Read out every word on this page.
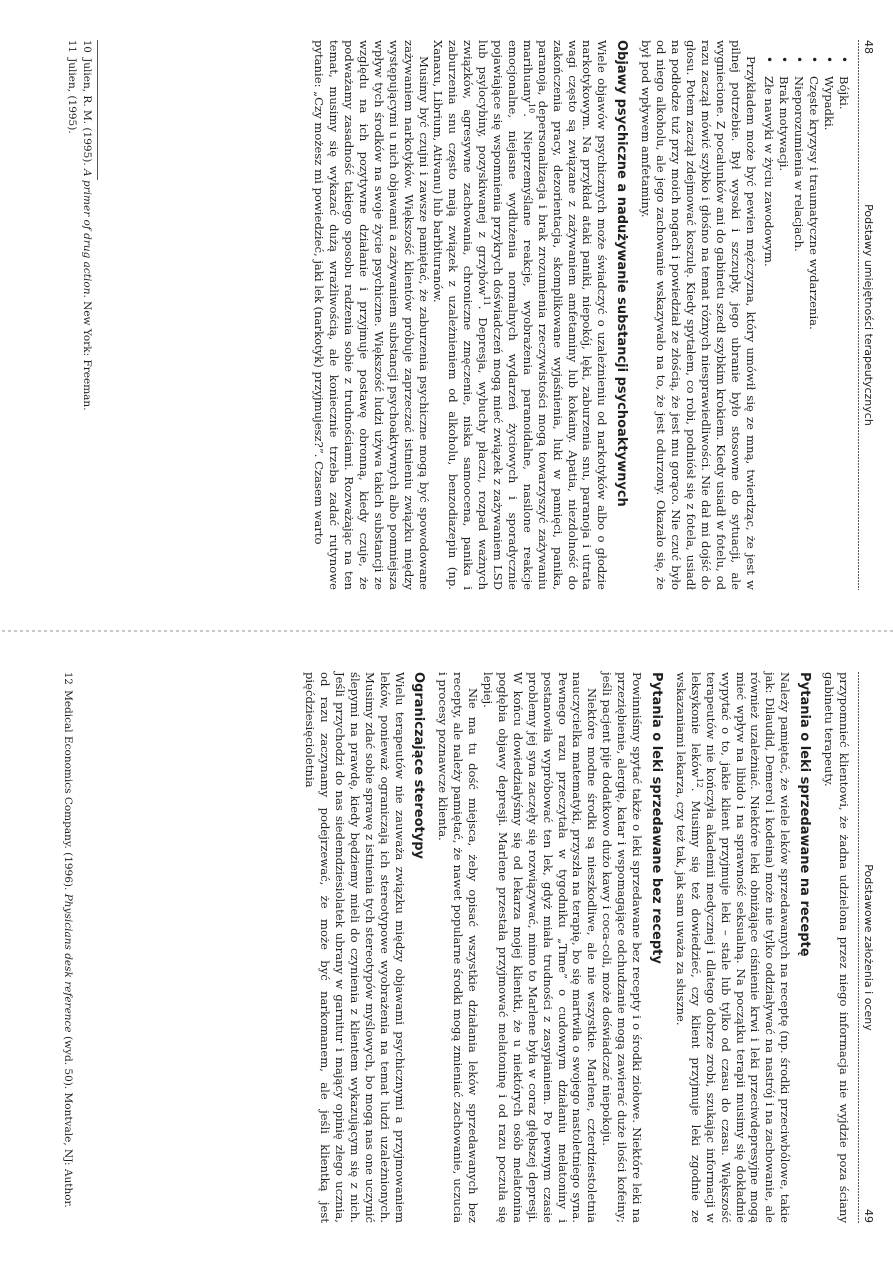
48
Podstawy umiejętności terapeutycznych
• Bójki.
• Wypadki.
• Częste kryzysy i traumatyczne wydarzenia.
• Nieporozumienia w relacjach.
• Brak motywacji.
• Złe nawyki w życiu zawodowym.

Przykładem może być pewien mężczyzna, który umówił się ze mną, twierdząc, że jest w pilnej potrzebie. Był wysoki i szczupły, jego ubranie było stosowne do sytuacji, ale wygniecione. Z pocałunków ani do gabinetu szedł szybkim krokiem. Kiedy usiadł w fotelu, od razu zaczął mówić szybko i głośno na temat różnych niesprawiedliwości. Nie dał mi dojść do głosu. Potem zaczął zdejmować koszulę. Kiedy spytałem, co robi, podniósł się z fotela, usiadł na podłodze tuż przy moich nogach i powiedział ze złością, że jest mu gorąco. Nie czuć było od niego alkoholu, ale jego zachowanie wskazywało na to, że jest odurzony. Okazało się, że był pod wpływem amfetaminy.

Objawy psychiczne a nadużywanie substancji psychoaktywnych

Wiele objawów psychicznych może świadczyć o uzależnieniu od narkotyków albo o głodzie narkotykowym. Na przykład ataki paniki, niepokój, lęki, zaburzenia snu, paranoja i utrata wagi często są związane z zażywaniem amfetaminy lub kokainy. Apatia, niezdolność do zakończenia pracy, dezorientacja, skomplikowane wyjaśnienia, luki w pamięci, panika, paranoja, depersonalizacja i brak zrozumienia rzeczywistości mogą towarzyszyć zażywaniu marihuany$^{10}$. Nieprzemyślane reakcje, wyobrażenia paranoidalne, nasilone reakcje emocjonalne, niejasne wydłużenia normalnych wydarzeń życiowych i sporadycznie pojawiające się wspomnienia przykrych doświadczeń mogą mieć związek z zażywaniem LSD lub psylocybiny, pozyskiwanej z grzybów$^{11}$. Depresja, wybuchy płaczu, rozpad ważnych związków, agresywne zachowania, chroniczne zmęczenie, niska samoocena, panika i zaburzenia snu często mają związek z uzależnieniem od alkoholu, benzodiazepin (np. Xanaxu, Librium, Ativanu) lub barbituranów.

Musimy być czujni i zawsze pamiętać, że zaburzenia psychiczne mogą być spowodowane zażywaniem narkotyków. Większość klientów próbuje zaprzeczać istnieniu związku między występującymi u nich objawami a zażywaniem substancji psychoaktywnych albo pomniejsza wpływ tych środków na swoje życie psychiczne. Większość ludzi używa takich substancji ze względu na ich pozytywne działanie i przyjmuje postawę obronną, kiedy czuje, że podważamy zasadność takiego sposobu radzenia sobie z trudnościami. Rozważając na ten temat, musimy się wykazać dużą wrażliwością, ale koniecznie trzeba zadać rutynowe pytanie: „Czy możesz mi powiedzieć, jaki lek (narkotyk) przyjmujesz?”. Czasem warto

10 Julien, R. M. (1995). A primer of drug action. New York: Freeman.

11 Julien, (1995).

Podstawowe założenia i oceny
49

przypomnieć klientowi, że żadna udzielona przez niego informacja nie wyjdzie poza ściany gabinetu terapeuty.

Pytania o leki sprzedawane na receptę

Należy pamiętać, że wiele leków sprzedawanych na receptę (np. środki przeciwbólowe, takie jak: Dilaudid, Demerol i kodeina) może nie tylko oddziaływać na nastrój i na zachowanie, ale również uzależniać. Niektóre leki obniżające ciśnienie krwi i leki przeciwdepresyjne mogą mieć wpływ na libido i na sprawność seksualną. Na początku terapii musimy się dokładnie wypytać o to, jakie klient przyjmuje leki – stale lub tylko od czasu do czasu. Większość terapeutów nie kończyła akademii medycznej i dlatego dobrze zrobi, szukając informacji w leksykonie leków$^{12}$. Musimy się też dowiedzieć, czy klient przyjmuje leki zgodnie ze wskazaniami lekarza, czy też tak, jak sam uważa za słuszne.

Pytania o leki sprzedawane bez recepty

Powinniśmy spytać także o leki sprzedawane bez recepty i o środki ziołowe. Niektóre leki na przeziębienie, alergię, katar i wspomagające odchudzanie mogą zawierać duże ilości kofeiny; jeśli pacjent pije dodatkowo dużo kawy i coca-coli, może doświadczać niepokoju.

Niektóre modne środki są nieszkodliwe, ale nie wszystkie. Marlene, czterdziestoletnia nauczycielka matematyki, przyszła na terapię, bo się martwiła o swojego nastoletniego syna. Pewnego razu przeczytała w tygodniku „Time” o cudownym działaniu melatoniny i postanowiła wypróbować ten lek, gdyż miała trudności z zasypianiem. Po pewnym czasie problemy jej syna zaczęły się rozwiązywać, mimo to Marlene była w coraz głębszej depresji. W końcu dowiedziałyśmy się od lekarza mojej klientki, że u niektórych osób melatonina pogłębia objawy depresji. Marlene przestała przyjmować melatoninę i od razu poczuła się lepiej.

Nie ma tu dość miejsca, żeby opisać wszystkie działania leków sprzedawanych bez recepty, ale należy pamiętać, że nawet popularne środki mogą zmieniać zachowanie, uczucia i procesy poznawcze klienta.

Ograniczające stereotypy

Wielu terapeutów nie zauważa związku między objawami psychicznymi a przyjmowaniem leków, ponieważ ograniczają ich stereotypowe wyobrażenia na temat ludzi uzależnionych. Musimy zdać sobie sprawę z istnienia tych stereotypów myślowych, bo mogą nas one uczynić ślepymi na prawdę, kiedy będziemy mieli do czynienia z klientem wykazującym się z nich. Jeśli przychodzi do nas siedemdziesiolatek ubrany w garnitur i mający opinię złego ucznia, od razu zaczynamy podejrzewać, że może być narkomanem, ale jeśli klientką jest pięćdziesięcioletnia

12 Medical Economics Company. (1996). Physicians desk reference (wyd. 50). Montvale, NJ: Author.
